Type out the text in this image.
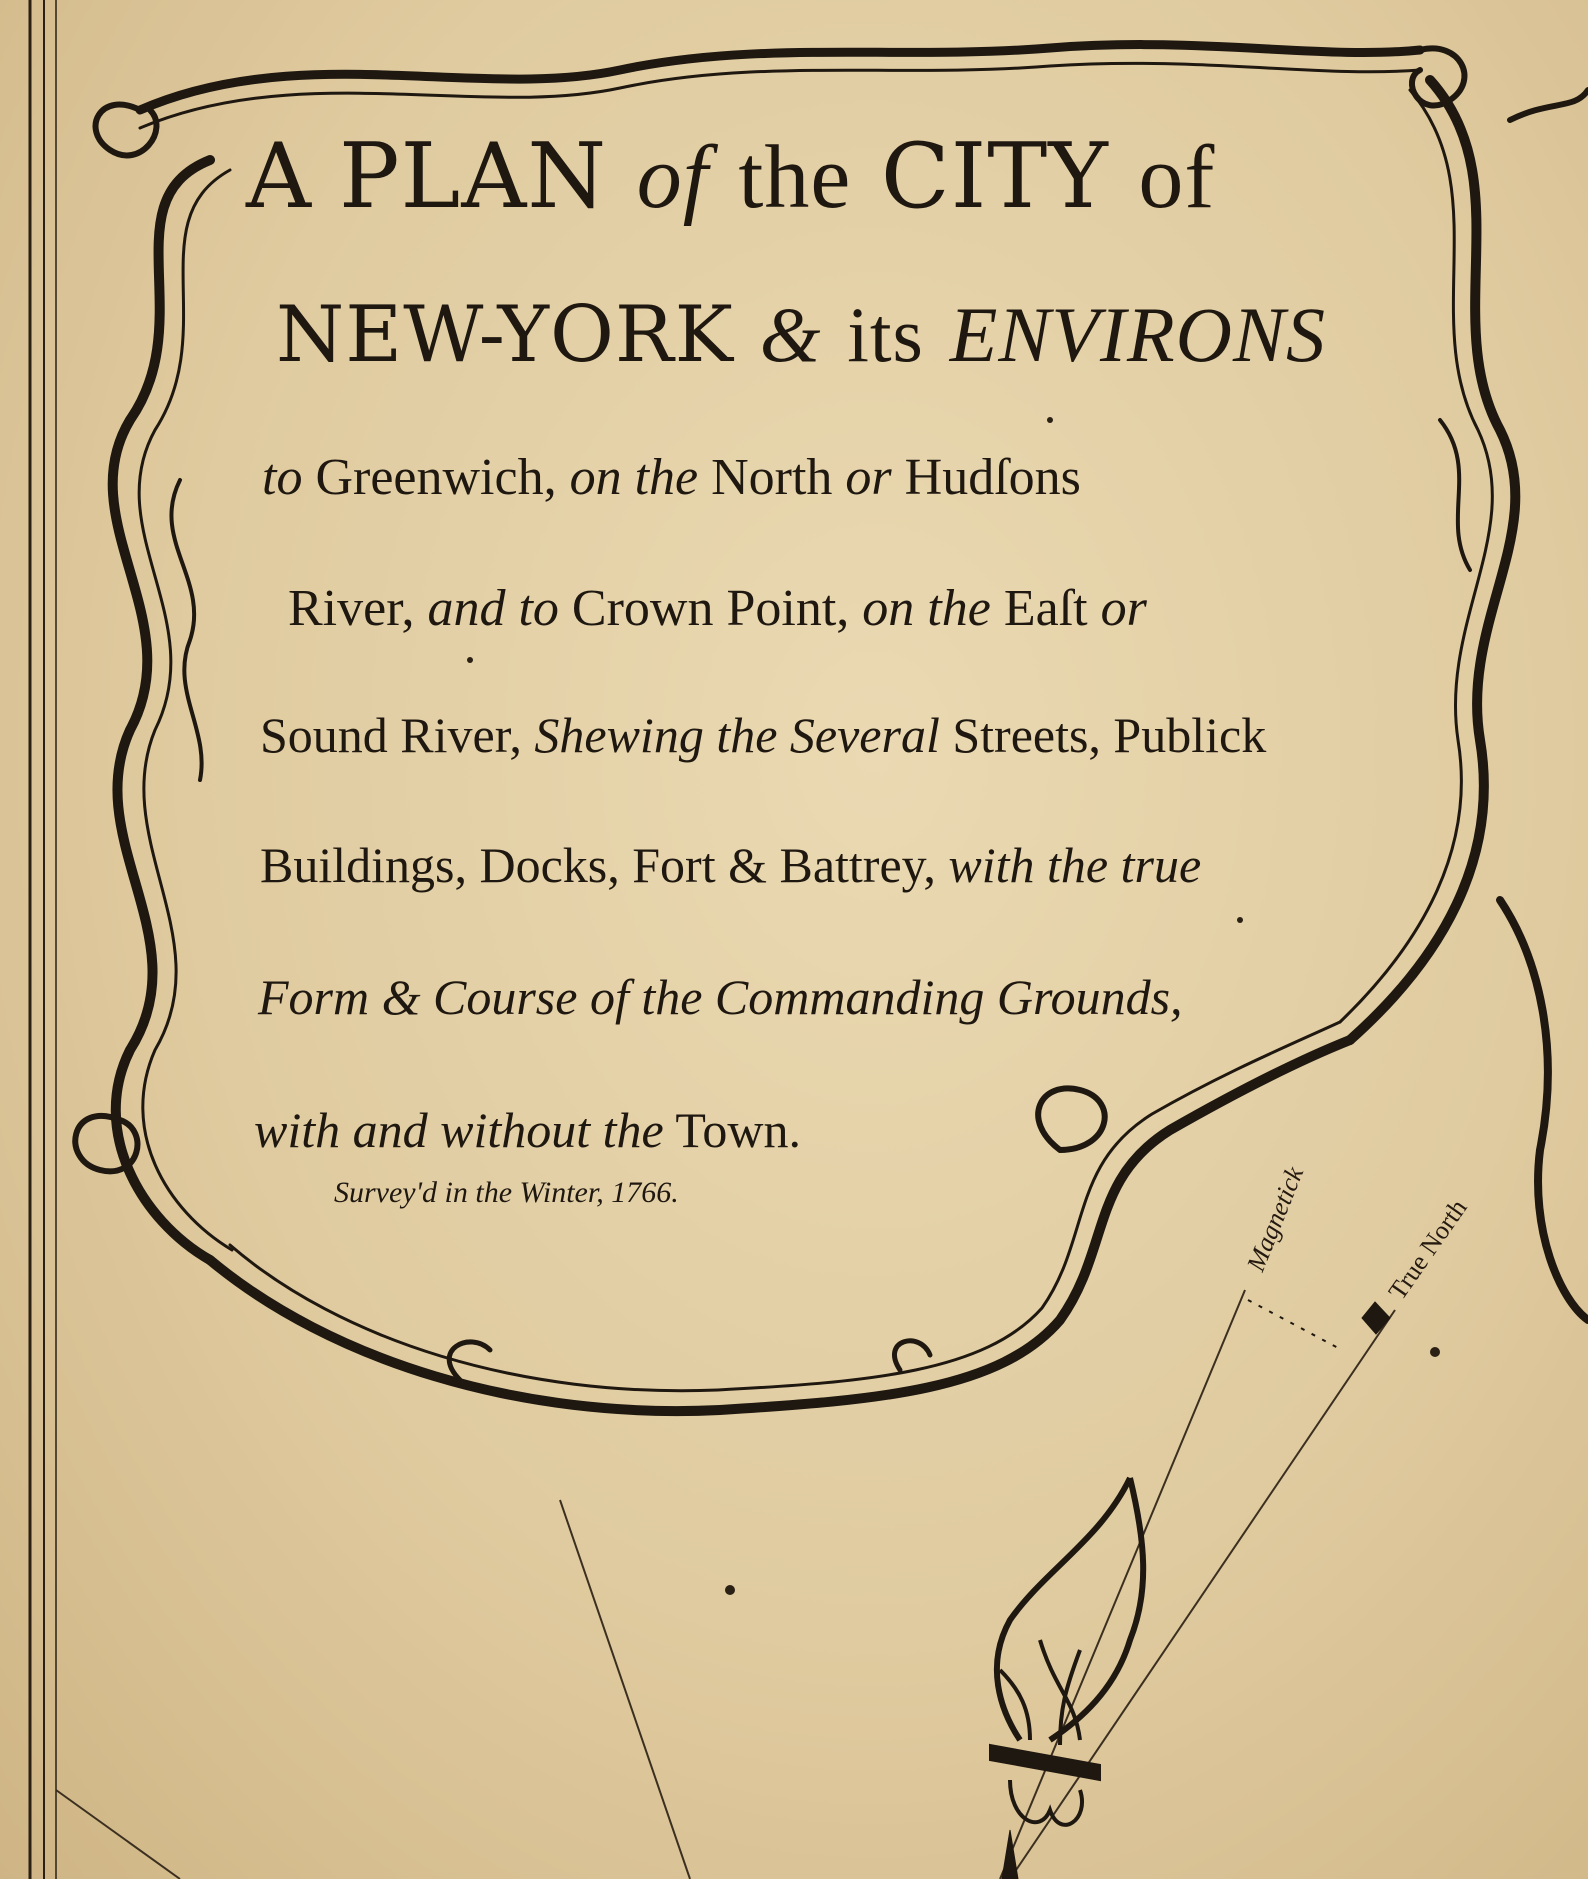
A PLAN of the CITY of
NEW-YORK & its ENVIRONS
to Greenwich, on the North or Hudſons
River, and to Crown Point, on the Eaſt or
Sound River, Shewing the Several Streets, Publick
Buildings, Docks, Fort & Battrey, with the true
Form & Course of the Commanding Grounds,
with and without the Town.
Survey'd in the Winter, 1766.	Magnetick	True North
